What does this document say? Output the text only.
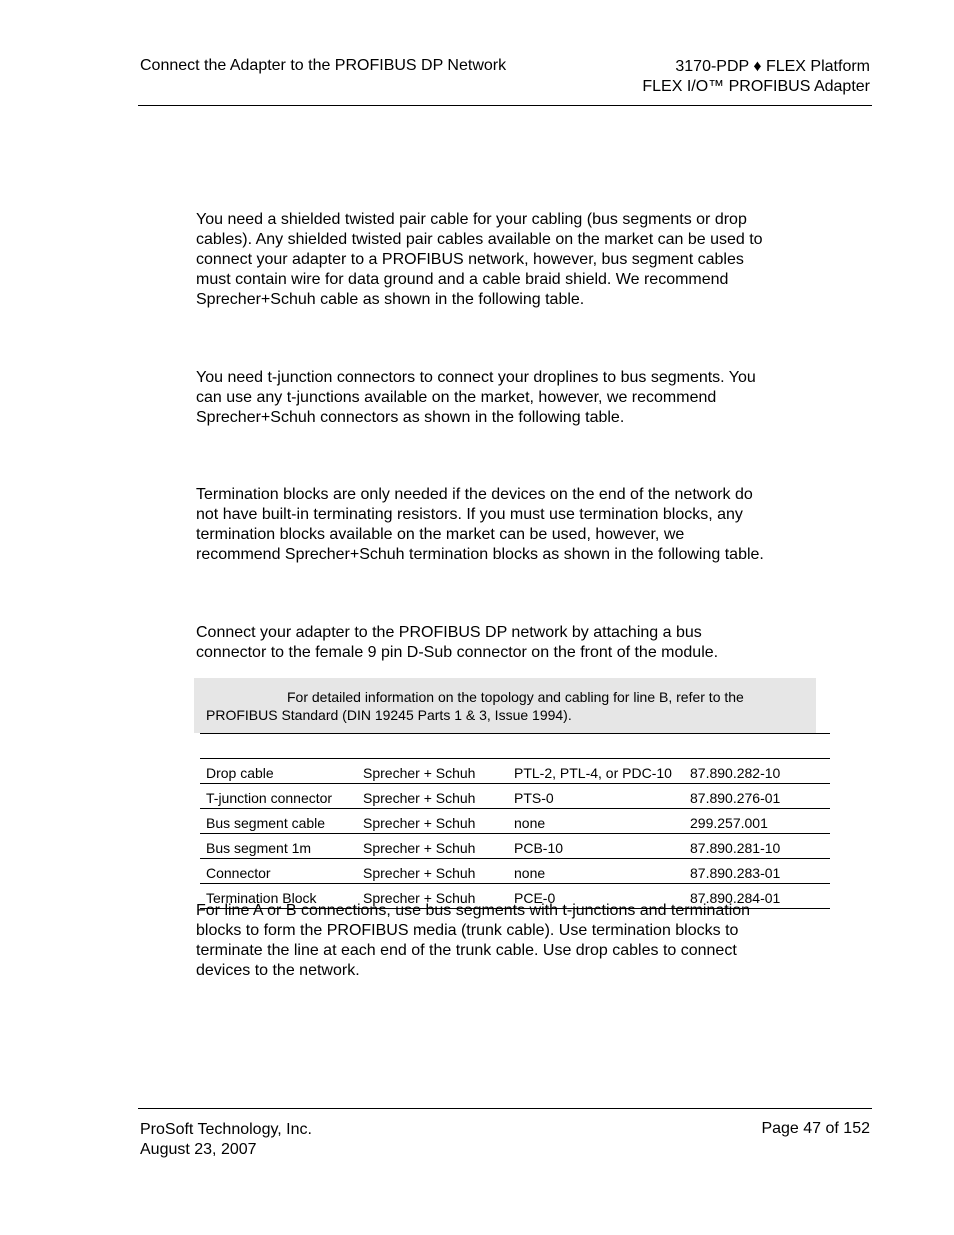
Connect the Adapter to the PROFIBUS DP Network	3170-PDP ♦ FLEX Platform
FLEX I/O™ PROFIBUS Adapter
You need a shielded twisted pair cable for your cabling (bus segments or drop
cables). Any shielded twisted pair cables available on the market can be used to
connect your adapter to a PROFIBUS network, however, bus segment cables
must contain wire for data ground and a cable braid shield. We recommend
Sprecher+Schuh cable as shown in the following table.
You need t-junction connectors to connect your droplines to bus segments. You
can use any t-junctions available on the market, however, we recommend
Sprecher+Schuh connectors as shown in the following table.
Termination blocks are only needed if the devices on the end of the network do
not have built-in terminating resistors. If you must use termination blocks, any
termination blocks available on the market can be used, however, we
recommend Sprecher+Schuh termination blocks as shown in the following table.
Connect your adapter to the PROFIBUS DP network by attaching a bus
connector to the female 9 pin D-Sub connector on the front of the module.
For detailed information on the topology and cabling for line B, refer to the
PROFIBUS Standard (DIN 19245 Parts 1 & 3, Issue 1994).

Drop cable	Sprecher + Schuh	PTL-2, PTL-4, or PDC-10	87.890.282-10
T-junction connector	Sprecher + Schuh	PTS-0	87.890.276-01
Bus segment cable	Sprecher + Schuh	none	299.257.001
Bus segment 1m	Sprecher + Schuh	PCB-10	87.890.281-10
Connector	Sprecher + Schuh	none	87.890.283-01
Termination Block	Sprecher + Schuh	PCE-0	87.890.284-01
For line A or B connections, use bus segments with t-junctions and termination
blocks to form the PROFIBUS media (trunk cable). Use termination blocks to
terminate the line at each end of the trunk cable. Use drop cables to connect
devices to the network.
ProSoft Technology, Inc.
August 23, 2007
Page 47 of 152
